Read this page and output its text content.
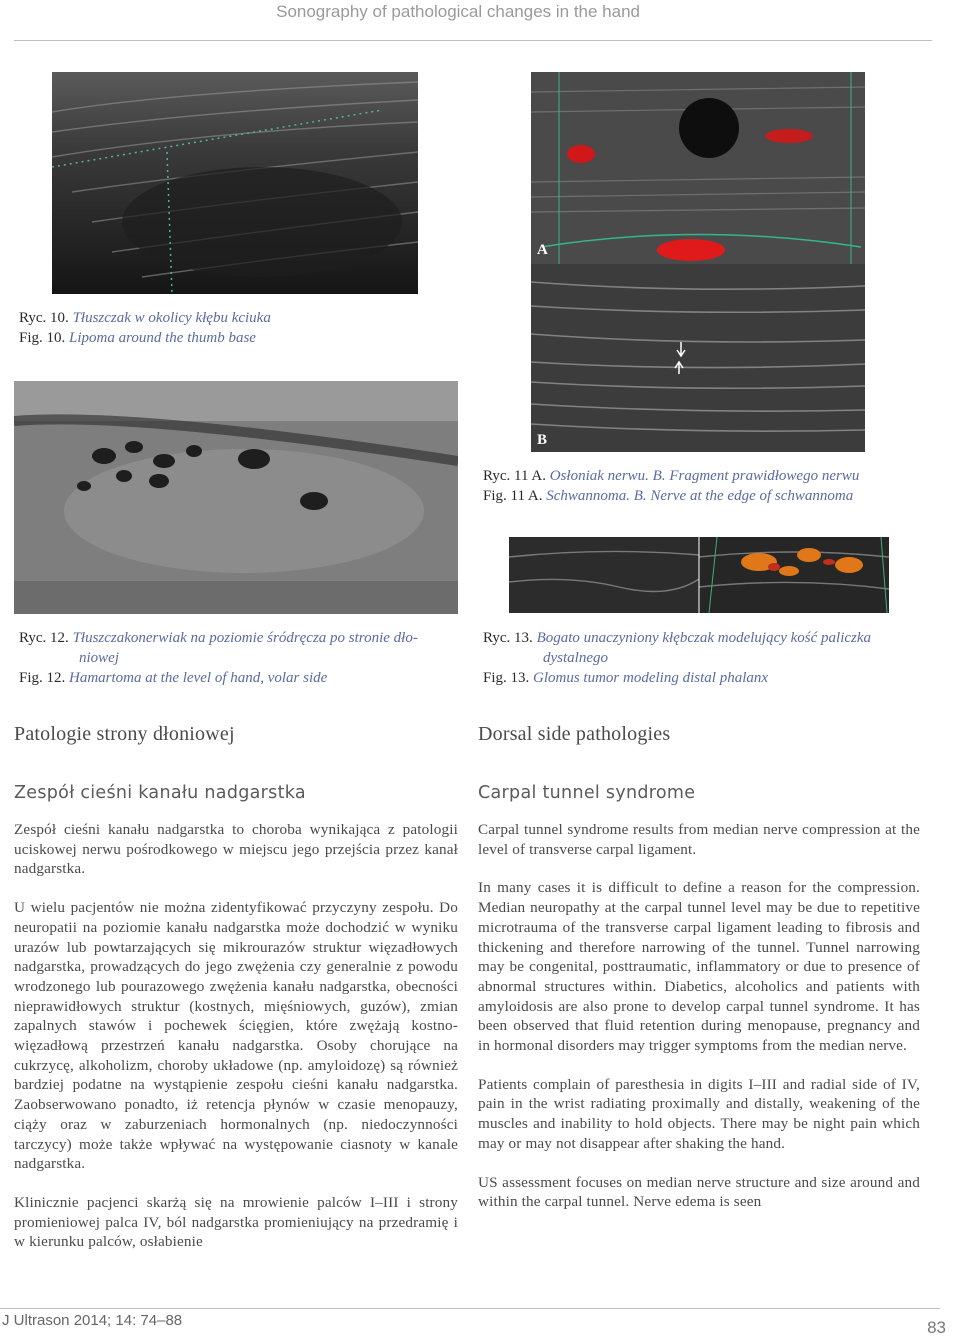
Sonography of pathological changes in the hand
A
B
Ryc. 10. Tłuszczak w okolicy kłębu kciuka
Fig. 10. Lipoma around the thumb base
Ryc. 11 A. Osłoniak nerwu. B. Fragment prawidłowego nerwu
Fig. 11 A. Schwannoma. B. Nerve at the edge of schwannoma
Ryc. 12. Tłuszczakonerwiak na poziomie śródręcza po stronie dło-
niowej
Fig. 12. Hamartoma at the level of hand, volar side
Ryc. 13. Bogato unaczyniony kłębczak modelujący kość paliczka
dystalnego
Fig. 13. Glomus tumor modeling distal phalanx
Patologie strony dłoniowej
Zespół cieśni kanału nadgarstka

Zespół cieśni kanału nadgarstka to choroba wynikająca z patologii uciskowej nerwu pośrodkowego w miejscu jego przejścia przez kanał nadgarstka.

U wielu pacjentów nie można zidentyfikować przyczyny zespołu. Do neuropatii na poziomie kanału nadgarstka może dochodzić w wyniku urazów lub powtarzających się mikrourazów struktur więzadłowych nadgarstka, prowadzących do jego zwężenia czy generalnie z powodu wrodzonego lub pourazowego zwężenia kanału nadgarstka, obecności nieprawidłowych struktur (kostnych, mięśniowych, guzów), zmian zapalnych stawów i pochewek ścięgien, które zwężają kostno-więzadłową przestrzeń kanału nadgarstka. Osoby chorujące na cukrzycę, alkoholizm, choroby układowe (np. amyloidozę) są również bardziej podatne na wystąpienie zespołu cieśni kanału nadgarstka. Zaobserwowano ponadto, iż retencja płynów w czasie menopauzy, ciąży oraz w zaburzeniach hormonalnych (np. niedoczynności tarczycy) może także wpływać na występowanie ciasnoty w kanale nadgarstka.

Klinicznie pacjenci skarżą się na mrowienie palców I–III i strony promieniowej palca IV, ból nadgarstka promieniujący na przedramię i w kierunku palców, osłabienie

Dorsal side pathologies
Carpal tunnel syndrome

Carpal tunnel syndrome results from median nerve compression at the level of transverse carpal ligament.

In many cases it is difficult to define a reason for the compression. Median neuropathy at the carpal tunnel level may be due to repetitive microtrauma of the transverse carpal ligament leading to fibrosis and thickening and therefore narrowing of the tunnel. Tunnel narrowing may be congenital, posttraumatic, inflammatory or due to presence of abnormal structures within. Diabetics, alcoholics and patients with amyloidosis are also prone to develop carpal tunnel syndrome. It has been observed that fluid retention during menopause, pregnancy and in hormonal disorders may trigger symptoms from the median nerve.

Patients complain of paresthesia in digits I–III and radial side of IV, pain in the wrist radiating proximally and distally, weakening of the muscles and inability to hold objects. There may be night pain which may or may not disappear after shaking the hand.

US assessment focuses on median nerve structure and size around and within the carpal tunnel. Nerve edema is seen

J Ultrason 2014; 14: 74–88	83
